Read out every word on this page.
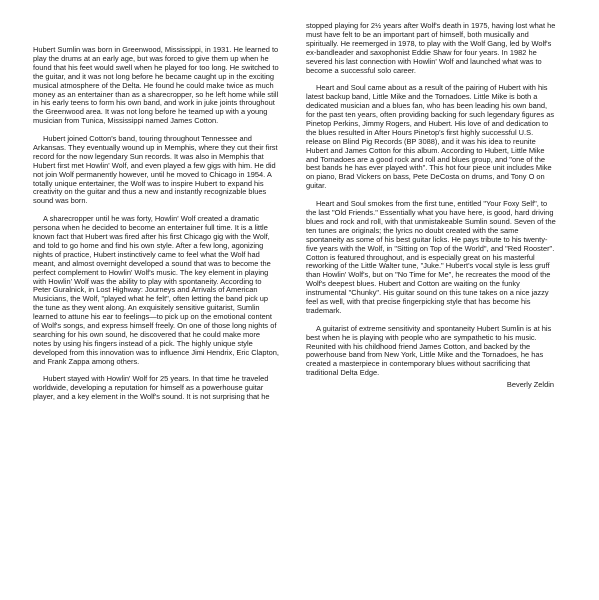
Hubert Sumlin was born in Greenwood, Mississippi, in 1931. He learned to play the drums at an early age, but was forced to give them up when he found that his feet would swell when he played for too long. He switched to the guitar, and it was not long before he became caught up in the exciting musical atmosphere of the Delta. He found he could make twice as much money as an entertainer than as a sharecropper, so he left home while still in his early teens to form his own band, and work in juke joints throughout the Greenwood area. It was not long before he teamed up with a young musician from Tunica, Mississippi named James Cotton.

Hubert joined Cotton's band, touring throughout Tennessee and Arkansas. They eventually wound up in Memphis, where they cut their first record for the now legendary Sun records. It was also in Memphis that Hubert first met Howlin' Wolf, and even played a few gigs with him. He did not join Wolf permanently however, until he moved to Chicago in 1954. A totally unique entertainer, the Wolf was to inspire Hubert to expand his creativity on the guitar and thus a new and instantly recognizable blues sound was born.

A sharecropper until he was forty, Howlin' Wolf created a dramatic persona when he decided to become an entertainer full time. It is a little known fact that Hubert was fired after his first Chicago gig with the Wolf, and told to go home and find his own style. After a few long, agonizing nights of practice, Hubert instinctively came to feel what the Wolf had meant, and almost overnight developed a sound that was to become the perfect complement to Howlin' Wolf's music. The key element in playing with Howlin' Wolf was the ability to play with spontaneity. According to Peter Guralnick, in Lost Highway: Journeys and Arrivals of American Musicians, the Wolf, "played what he felt", often letting the band pick up the tune as they went along. An exquisitely sensitive guitarist, Sumlin learned to attune his ear to feelings—to pick up on the emotional content of Wolf's songs, and express himself freely. On one of those long nights of searching for his own sound, he discovered that he could make more notes by using his fingers instead of a pick. The highly unique style developed from this innovation was to influence Jimi Hendrix, Eric Clapton, and Frank Zappa among others.

Hubert stayed with Howlin' Wolf for 25 years. In that time he traveled worldwide, developing a reputation for himself as a powerhouse guitar player, and a key element in the Wolf's sound. It is not surprising that he

stopped playing for 2½ years after Wolf's death in 1975, having lost what he must have felt to be an important part of himself, both musically and spiritually. He reemerged in 1978, to play with the Wolf Gang, led by Wolf's ex-bandleader and saxophonist Eddie Shaw for four years. In 1982 he severed his last connection with Howlin' Wolf and launched what was to become a successful solo career.

Heart and Soul came about as a result of the pairing of Hubert with his latest backup band, Little Mike and the Tornadoes. Little Mike is both a dedicated musician and a blues fan, who has been leading his own band, for the past ten years, often providing backing for such legendary figures as Pinetop Perkins, Jimmy Rogers, and Hubert. His love of and dedication to the blues resulted in After Hours Pinetop's first highly successful U.S. release on Blind Pig Records (BP 3088), and it was his idea to reunite Hubert and James Cotton for this album. According to Hubert, Little Mike and Tornadoes are a good rock and roll and blues group, and "one of the best bands he has ever played with". This hot four piece unit includes Mike on piano, Brad Vickers on bass, Pete DeCosta on drums, and Tony O on guitar.

Heart and Soul smokes from the first tune, entitled "Your Foxy Self", to the last "Old Friends." Essentially what you have here, is good, hard driving blues and rock and roll, with that unmistakeable Sumlin sound. Seven of the ten tunes are originals; the lyrics no doubt created with the same spontaneity as some of his best guitar licks. He pays tribute to his twenty-five years with the Wolf, in "Sitting on Top of the World", and "Red Rooster". Cotton is featured throughout, and is especially great on his masterful reworking of the Little Walter tune, "Juke." Hubert's vocal style is less gruff than Howlin' Wolf's, but on "No Time for Me", he recreates the mood of the Wolf's deepest blues. Hubert and Cotton are waiting on the funky instrumental "Chunky". His guitar sound on this tune takes on a nice jazzy feel as well, with that precise fingerpicking style that has become his trademark.

A guitarist of extreme sensitivity and spontaneity Hubert Sumlin is at his best when he is playing with people who are sympathetic to his music. Reunited with his childhood friend James Cotton, and backed by the powerhouse band from New York, Little Mike and the Tornadoes, he has created a masterpiece in contemporary blues without sacrificing that traditional Delta Edge.

Beverly Zeldin
